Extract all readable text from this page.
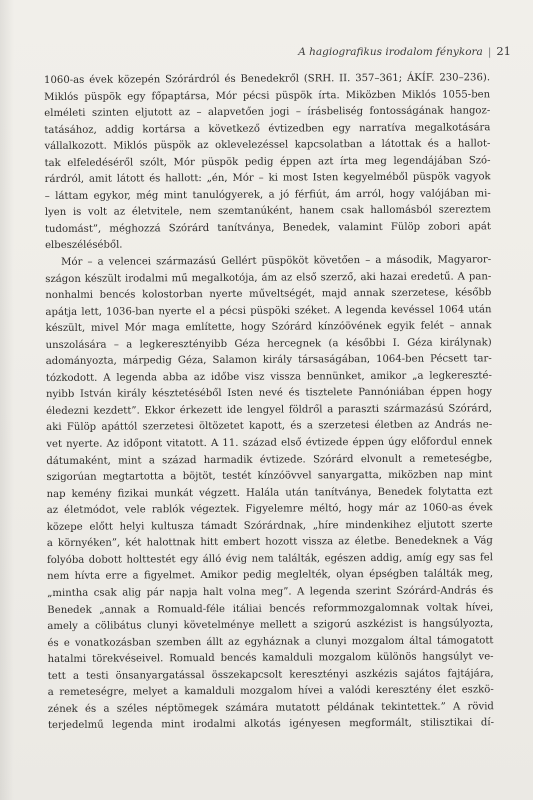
A hagiografikus irodalom fénykora | 21

1060-as évek közepén Szórárdról és Benedekről (SRH. II. 357–361; ÁKÍF. 230–236).

Miklós püspök egy főpaptársa, Mór pécsi püspök írta. Miközben Miklós 1055-ben

elméleti szinten eljutott az – alapvetően jogi – írásbeliség fontosságának hangoz-

tatásához, addig kortársa a következő évtizedben egy narratíva megalkotására

vállalkozott. Miklós püspök az oklevelezéssel kapcsolatban a látottak és a hallot-

tak elfeledéséről szólt, Mór püspök pedig éppen azt írta meg legendájában Szó-

rárdról, amit látott és hallott: „én, Mór – ki most Isten kegyelméből püspök vagyok

– láttam egykor, még mint tanulógyerek, a jó férfiút, ám arról, hogy valójában mi-

lyen is volt az életvitele, nem szemtanúként, hanem csak hallomásból szereztem

tudomást”, méghozzá Szórárd tanítványa, Benedek, valamint Fülöp zobori apát

elbeszéléséből.

Mór – a velencei származású Gellért püspököt követően – a második, Magyaror-

szágon készült irodalmi mű megalkotója, ám az első szerző, aki hazai eredetű. A pan-

nonhalmi bencés kolostorban nyerte műveltségét, majd annak szerzetese, később

apátja lett, 1036-ban nyerte el a pécsi püspöki széket. A legenda kevéssel 1064 után

készült, mivel Mór maga említette, hogy Szórárd kínzóövének egyik felét – annak

unszolására – a legkeresztényibb Géza hercegnek (a későbbi I. Géza királynak)

adományozta, márpedig Géza, Salamon király társaságában, 1064-ben Pécsett tar-

tózkodott. A legenda abba az időbe visz vissza bennünket, amikor „a legkereszté-

nyibb István király késztetéséből Isten nevé és tisztelete Pannóniában éppen hogy

éledezni kezdett”. Ekkor érkezett ide lengyel földről a paraszti származású Szórárd,

aki Fülöp apáttól szerzetesi öltözetet kapott, és a szerzetesi életben az András ne-

vet nyerte. Az időpont vitatott. A 11. század első évtizede éppen úgy előfordul ennek

dátumaként, mint a század harmadik évtizede. Szórárd elvonult a remeteségbe,

szigorúan megtartotta a böjtöt, testét kínzóövvel sanyargatta, miközben nap mint

nap kemény fizikai munkát végzett. Halála után tanítványa, Benedek folytatta ezt

az életmódot, vele rablók végeztek. Figyelemre méltó, hogy már az 1060-as évek

közepe előtt helyi kultusza támadt Szórárdnak, „híre mindenkihez eljutott szerte

a környéken”, két halottnak hitt embert hozott vissza az életbe. Benedeknek a Vág

folyóba dobott holttestét egy álló évig nem találták, egészen addig, amíg egy sas fel

nem hívta erre a figyelmet. Amikor pedig meglelték, olyan épségben találták meg,

„mintha csak alig pár napja halt volna meg”. A legenda szerint Szórárd-András és

Benedek „annak a Romuald-féle itáliai bencés reformmozgalomnak voltak hívei,

amely a cölibátus clunyi követelménye mellett a szigorú aszkézist is hangsúlyozta,

és e vonatkozásban szemben állt az egyháznak a clunyi mozgalom által támogatott

hatalmi törekvéseivel. Romuald bencés kamalduli mozgalom különös hangsúlyt ve-

tett a testi önsanyargatással összekapcsolt keresztényi aszkézis sajátos fajtájára,

a remeteségre, melyet a kamalduli mozgalom hívei a valódi keresztény élet eszkö-

zének és a széles néptömegek számára mutatott példának tekintettek.” A rövid

terjedelmű legenda mint irodalmi alkotás igényesen megformált, stilisztikai dí-
